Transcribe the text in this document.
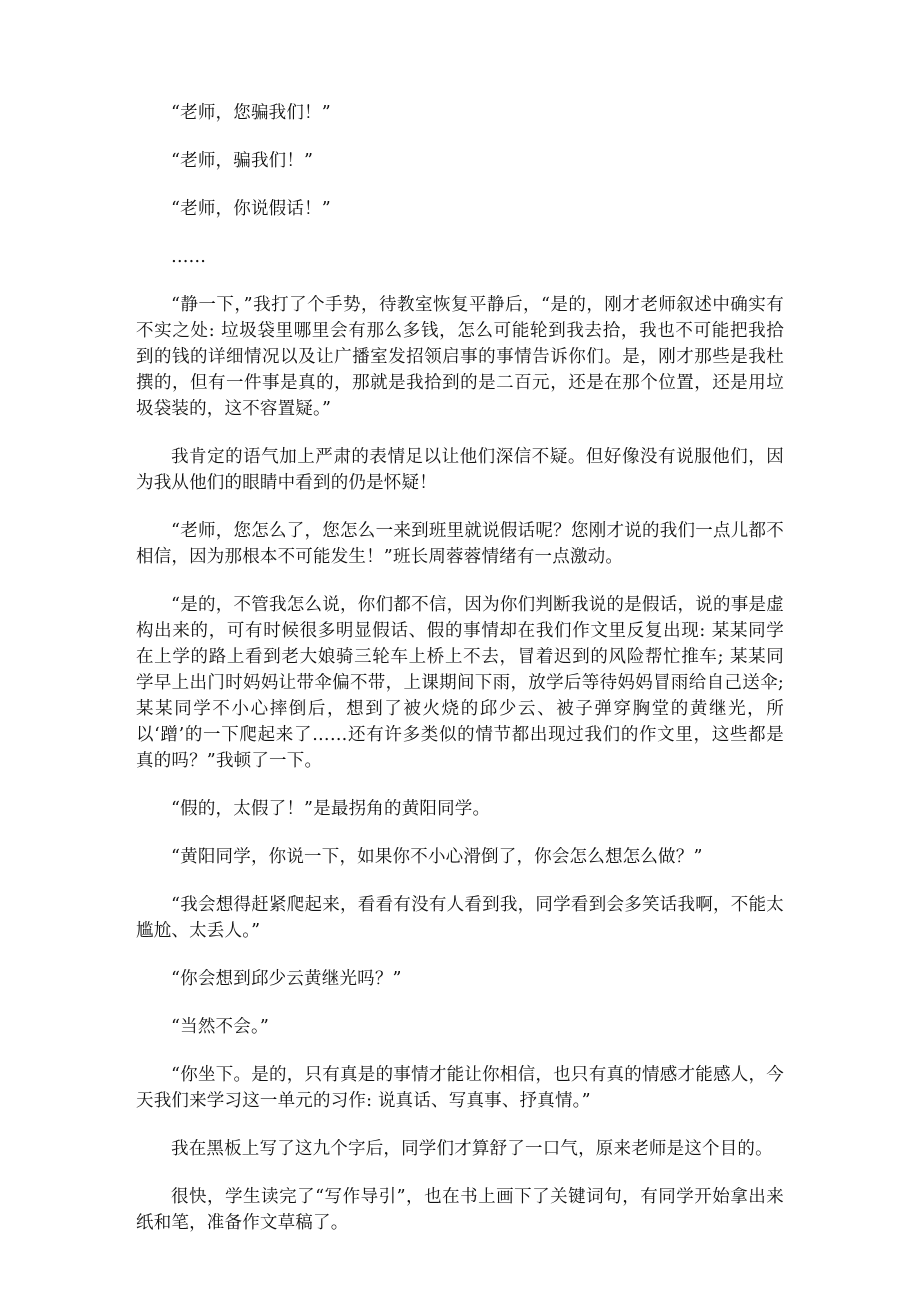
“老师，您骗我们！”

“老师，骗我们！”

“老师，你说假话！”

……

“静一下，”我打了个手势，待教室恢复平静后，“是的，刚才老师叙述中确实有不实之处: 垃圾袋里哪里会有那么多钱，怎么可能轮到我去拾，我也不可能把我拾到的钱的详细情况以及让广播室发招领启事的事情告诉你们。是，刚才那些是我杜撰的，但有一件事是真的，那就是我拾到的是二百元，还是在那个位置，还是用垃圾袋装的，这不容置疑。”

我肯定的语气加上严肃的表情足以让他们深信不疑。但好像没有说服他们，因为我从他们的眼睛中看到的仍是怀疑！

“老师，您怎么了，您怎么一来到班里就说假话呢？您刚才说的我们一点儿都不相信，因为那根本不可能发生！”班长周蓉蓉情绪有一点激动。

“是的，不管我怎么说，你们都不信，因为你们判断我说的是假话，说的事是虚构出来的，可有时候很多明显假话、假的事情却在我们作文里反复出现: 某某同学在上学的路上看到老大娘骑三轮车上桥上不去，冒着迟到的风险帮忙推车; 某某同学早上出门时妈妈让带伞偏不带，上课期间下雨，放学后等待妈妈冒雨给自己送伞; 某某同学不小心摔倒后，想到了被火烧的邱少云、被子弹穿胸堂的黄继光，所以‘蹭’的一下爬起来了……还有许多类似的情节都出现过我们的作文里，这些都是真的吗？”我顿了一下。

“假的，太假了！”是最拐角的黄阳同学。

“黄阳同学，你说一下，如果你不小心滑倒了，你会怎么想怎么做？”

“我会想得赶紧爬起来，看看有没有人看到我，同学看到会多笑话我啊，不能太尴尬、太丢人。”

“你会想到邱少云黄继光吗？”

“当然不会。”

“你坐下。是的，只有真是的事情才能让你相信，也只有真的情感才能感人，今天我们来学习这一单元的习作: 说真话、写真事、抒真情。”

我在黑板上写了这九个字后，同学们才算舒了一口气，原来老师是这个目的。

很快，学生读完了“写作导引”，也在书上画下了关键词句，有同学开始拿出来纸和笔，准备作文草稿了。
